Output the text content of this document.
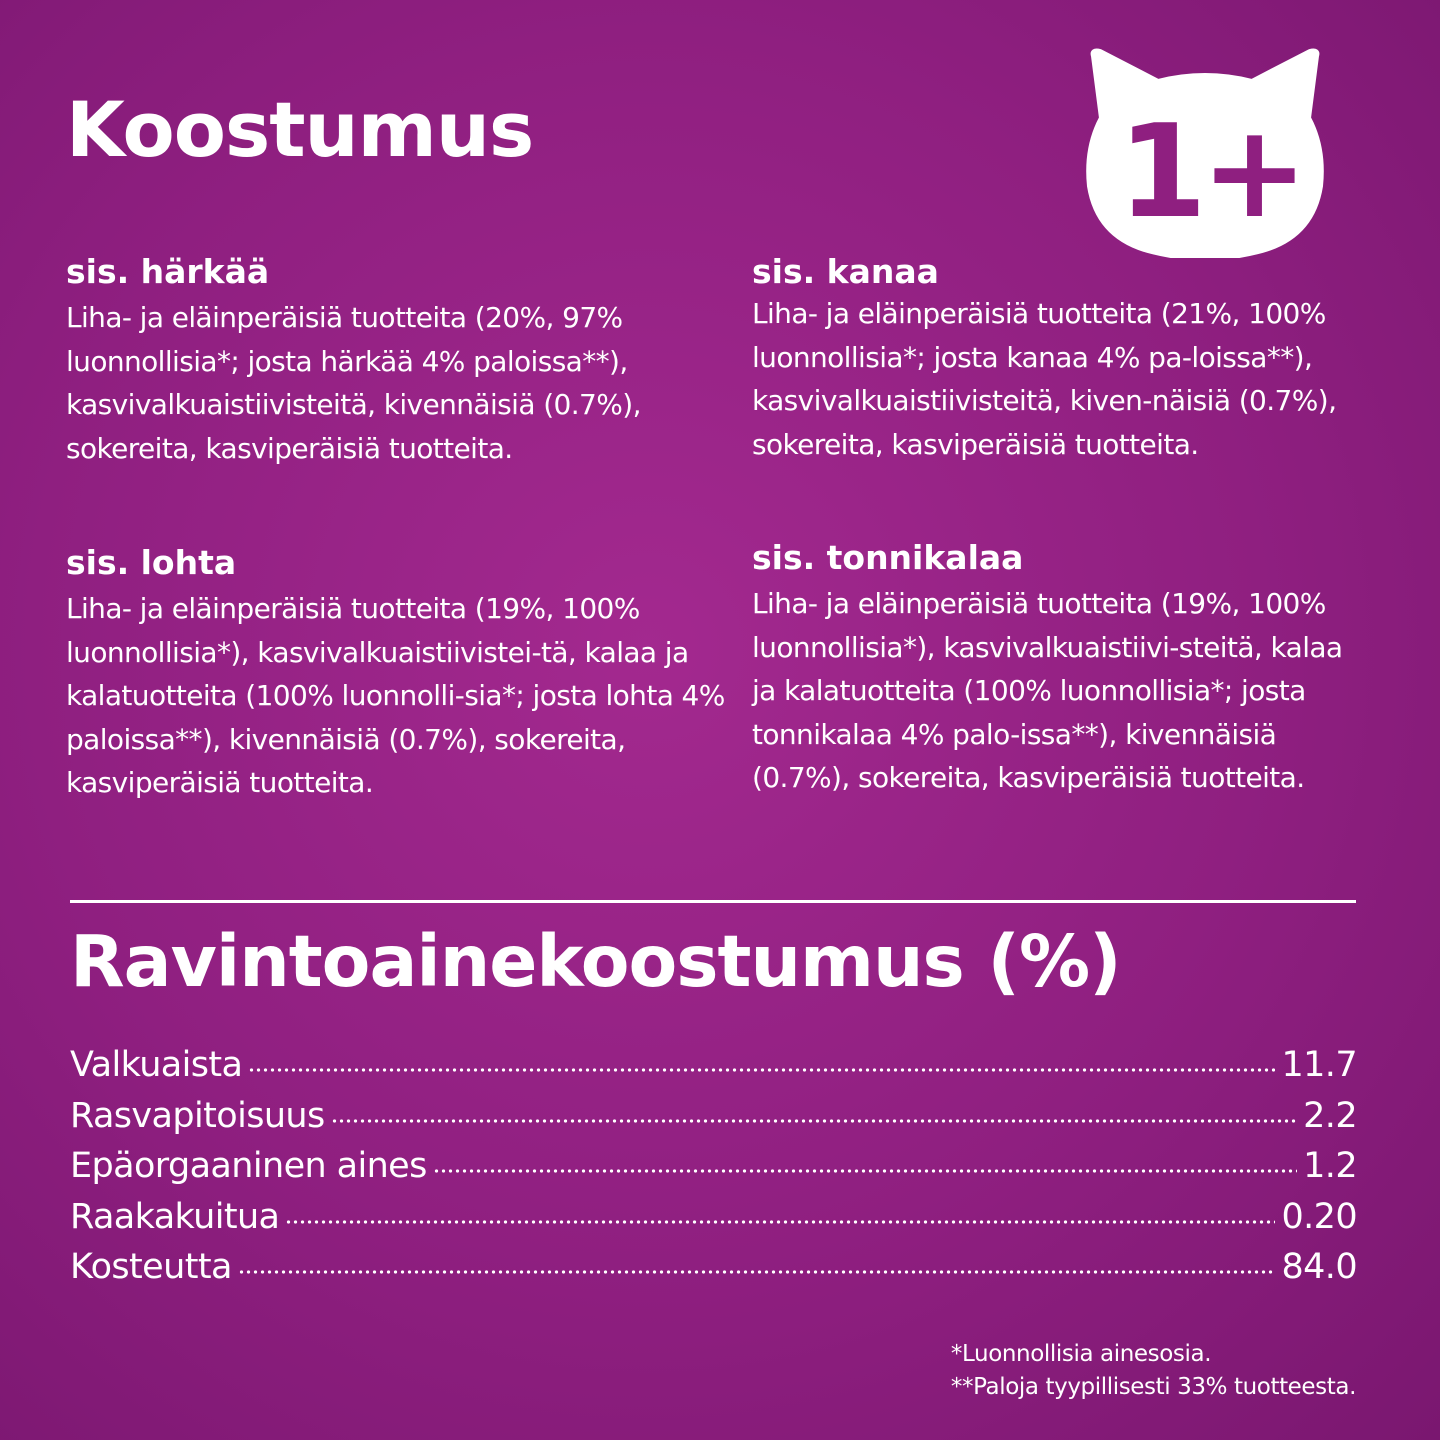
Koostumus	1+
sis. härkää

Liha- ja eläinperäisiä tuotteita (20%, 97% luonnollisia*; josta härkää 4% paloissa**), kasvivalkuaistiivisteitä, kivennäisiä (0.7%), sokereita, kasviperäisiä tuotteita.

sis. kanaa

Liha- ja eläinperäisiä tuotteita (21%, 100% luonnollisia*; josta kanaa 4% pa-loissa**), kasvivalkuaistiivisteitä, kiven-näisiä (0.7%), sokereita, kasviperäisiä tuotteita.

sis. lohta

Liha- ja eläinperäisiä tuotteita (19%, 100% luonnollisia*), kasvivalkuaistiivistei-tä, kalaa ja kalatuotteita (100% luonnolli-sia*; josta lohta 4% paloissa**), kivennäisiä (0.7%), sokereita, kasviperäisiä tuotteita.

sis. tonnikalaa

Liha- ja eläinperäisiä tuotteita (19%, 100% luonnollisia*), kasvivalkuaistiivi-steitä, kalaa ja kalatuotteita (100% luonnollisia*; josta tonnikalaa 4% palo-issa**), kivennäisiä (0.7%), sokereita, kasviperäisiä tuotteita.

Ravintoainekoostumus (%)
Valkuaista	11.7
Rasvapitoisuus	2.2
Epäorgaaninen aines	1.2
Raakakuitua	0.20
Kosteutta	84.0

*Luonnollisia ainesosia.

**Paloja tyypillisesti 33% tuotteesta.
